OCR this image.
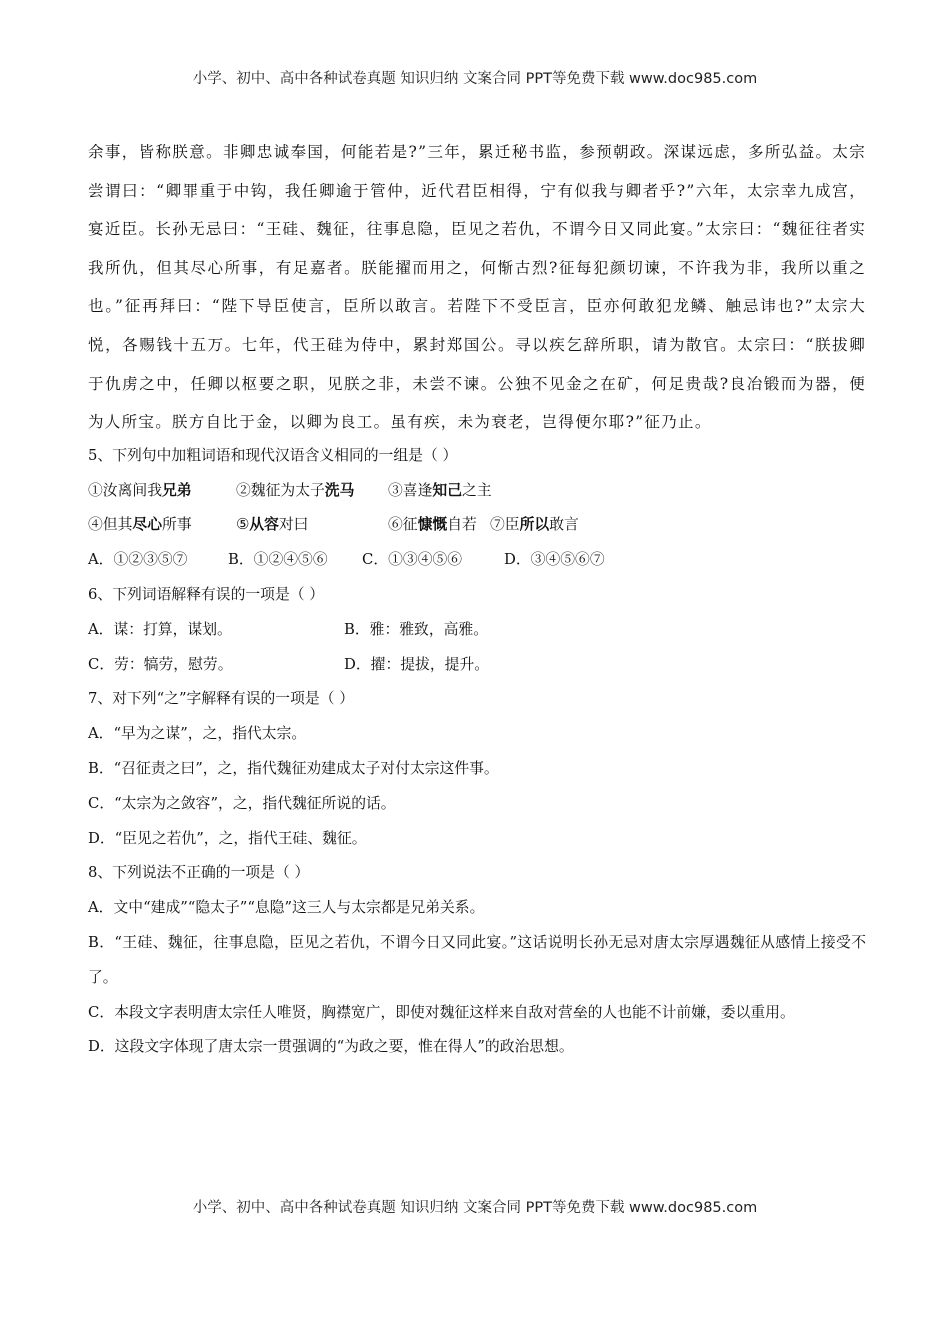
小学、初中、高中各种试卷真题 知识归纳 文案合同 PPT等免费下载 www.doc985.com

余事，皆称朕意。非卿忠诚奉国，何能若是?”三年，累迁秘书监，参预朝政。深谋远虑，多所弘益。太宗尝谓曰：“卿罪重于中钩，我任卿逾于管仲，近代君臣相得，宁有似我与卿者乎?”六年，太宗幸九成宫，宴近臣。长孙无忌曰：“王硅、魏征，往事息隐，臣见之若仇，不谓今日又同此宴。”太宗曰：“魏征往者实我所仇，但其尽心所事，有足嘉者。朕能擢而用之，何惭古烈?征每犯颜切谏，不许我为非，我所以重之也。”征再拜曰：“陛下导臣使言，臣所以敢言。若陛下不受臣言，臣亦何敢犯龙鳞、触忌讳也?”太宗大悦，各赐钱十五万。七年，代王硅为侍中，累封郑国公。寻以疾乞辞所职，请为散官。太宗曰：“朕拔卿于仇虏之中，任卿以枢要之职，见朕之非，未尝不谏。公独不见金之在矿，何足贵哉?良冶锻而为器，便为人所宝。朕方自比于金，以卿为良工。虽有疾，未为衰老，岂得便尔耶?”征乃止。

5、下列句中加粗词语和现代汉语含义相同的一组是（ ）

①汝离间我兄弟	②魏征为太子洗马	③喜逢知己之主
④但其尽心所事	⑤从容对曰	⑥征慷慨自若 ⑦臣所以敢言
A．①②③⑤⑦	B．①②④⑤⑥	C．①③④⑤⑥	D．③④⑤⑥⑦

6、下列词语解释有误的一项是（ ）

A．谋：打算，谋划。	B．雅：雅致，高雅。
C．劳：犒劳，慰劳。	D．擢：提拔，提升。

7、对下列“之”字解释有误的一项是（ ）

A．“早为之谋”，之，指代太宗。

B．“召征责之曰”，之，指代魏征劝建成太子对付太宗这件事。

C．“太宗为之敛容”，之，指代魏征所说的话。

D．“臣见之若仇”，之，指代王硅、魏征。

8、下列说法不正确的一项是（ ）

A．文中“建成”“隐太子”“息隐”这三人与太宗都是兄弟关系。

B．“王硅、魏征，往事息隐，臣见之若仇，不谓今日又同此宴。”这话说明长孙无忌对唐太宗厚遇魏征从感情上接受不了。

C．本段文字表明唐太宗任人唯贤，胸襟宽广，即使对魏征这样来自敌对营垒的人也能不计前嫌，委以重用。

D．这段文字体现了唐太宗一贯强调的“为政之要，惟在得人”的政治思想。

小学、初中、高中各种试卷真题 知识归纳 文案合同 PPT等免费下载 www.doc985.com
